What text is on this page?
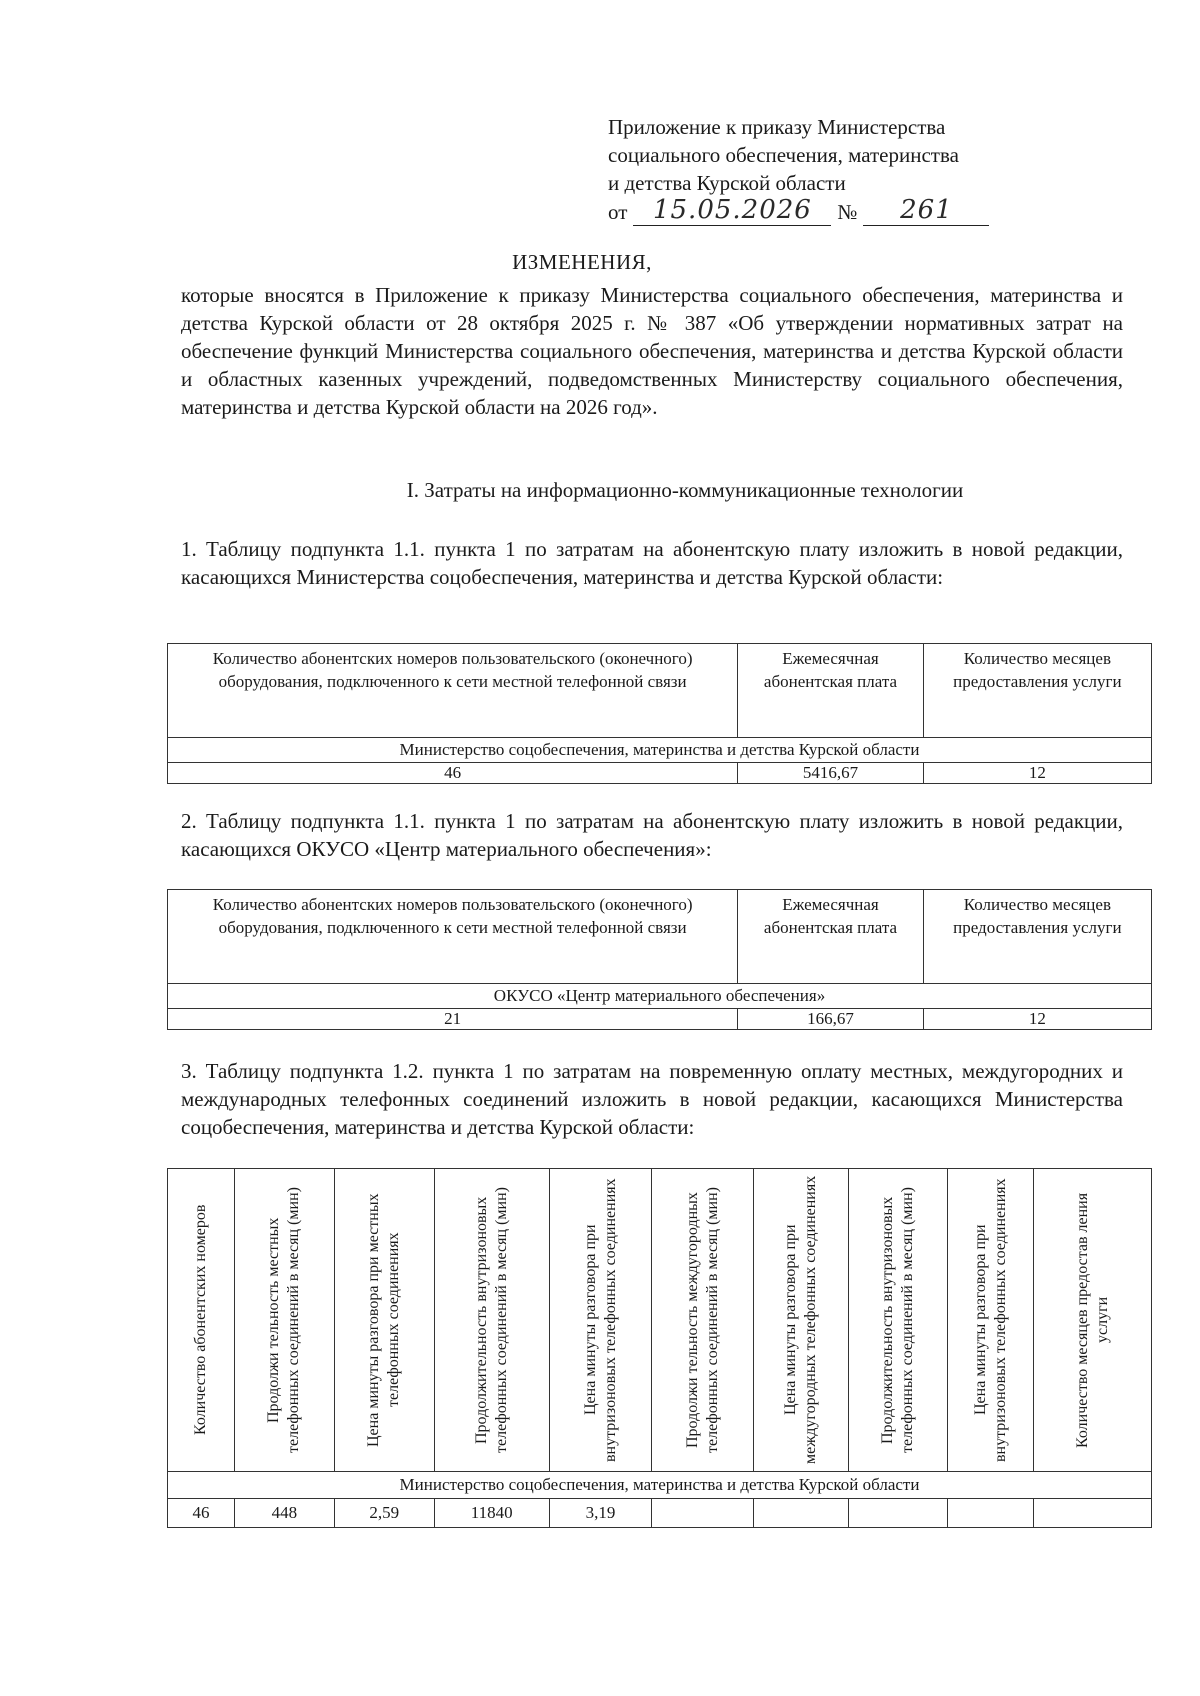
Приложение к приказу Министерства
социального обеспечения, материнства
и детства Курской области
от 15.05.2026	№	261
ИЗМЕНЕНИЯ,
которые вносятся в Приложение к приказу Министерства социального обеспечения, материнства и детства Курской области от 28 октября 2025 г. № 387 «Об утверждении нормативных затрат на обеспечение функций Министерства социального обеспечения, материнства и детства Курской области и областных казенных учреждений, подведомственных Министерству социального обеспечения, материнства и детства Курской области на 2026 год».
I. Затраты на информационно-коммуникационные технологии
1. Таблицу подпункта 1.1. пункта 1 по затратам на абонентскую плату изложить в новой редакции, касающихся Министерства соцобеспечения, материнства и детства Курской области:
Количество абонентских номеров пользовательского (оконечного) оборудования, подключенного к сети местной телефонной связи	Ежемесячная абонентская плата	Количество месяцев предоставления услуги
Министерство соцобеспечения, материнства и детства Курской области		
46	5416,67	12
2. Таблицу подпункта 1.1. пункта 1 по затратам на абонентскую плату изложить в новой редакции, касающихся ОКУСО «Центр материального обеспечения»:
Количество абонентских номеров пользовательского (оконечного) оборудования, подключенного к сети местной телефонной связи	Ежемесячная абонентская плата	Количество месяцев предоставления услуги
ОКУСО «Центр материального обеспечения»		
21	166,67	12
3. Таблицу подпункта 1.2. пункта 1 по затратам на повременную оплату местных, междугородних и международных телефонных соединений изложить в новой редакции, касающихся Министерства соцобеспечения, материнства и детства Курской области:
Количество абонентских номеров	Продолжи тельность местных телефонных соединений в месяц (мин)	Цена минуты разговора при местных телефонных соединениях	Продолжительность внутризоновых телефонных соединений в месяц (мин)	Цена минуты разговора при внутризоновых телефонных соединениях	Продолжи тельность междугородных телефонных соединений в месяц (мин)	Цена минуты разговора при междугородных телефонных соединениях	Продолжительность внутризоновых телефонных соединений в месяц (мин)	Цена минуты разговора при внутризоновых телефонных соединениях	Количество месяцев предостав ления услуги

Министерство соцобеспечения, материнства и детства Курской области									
46	448	2,59	11840	3,19					
